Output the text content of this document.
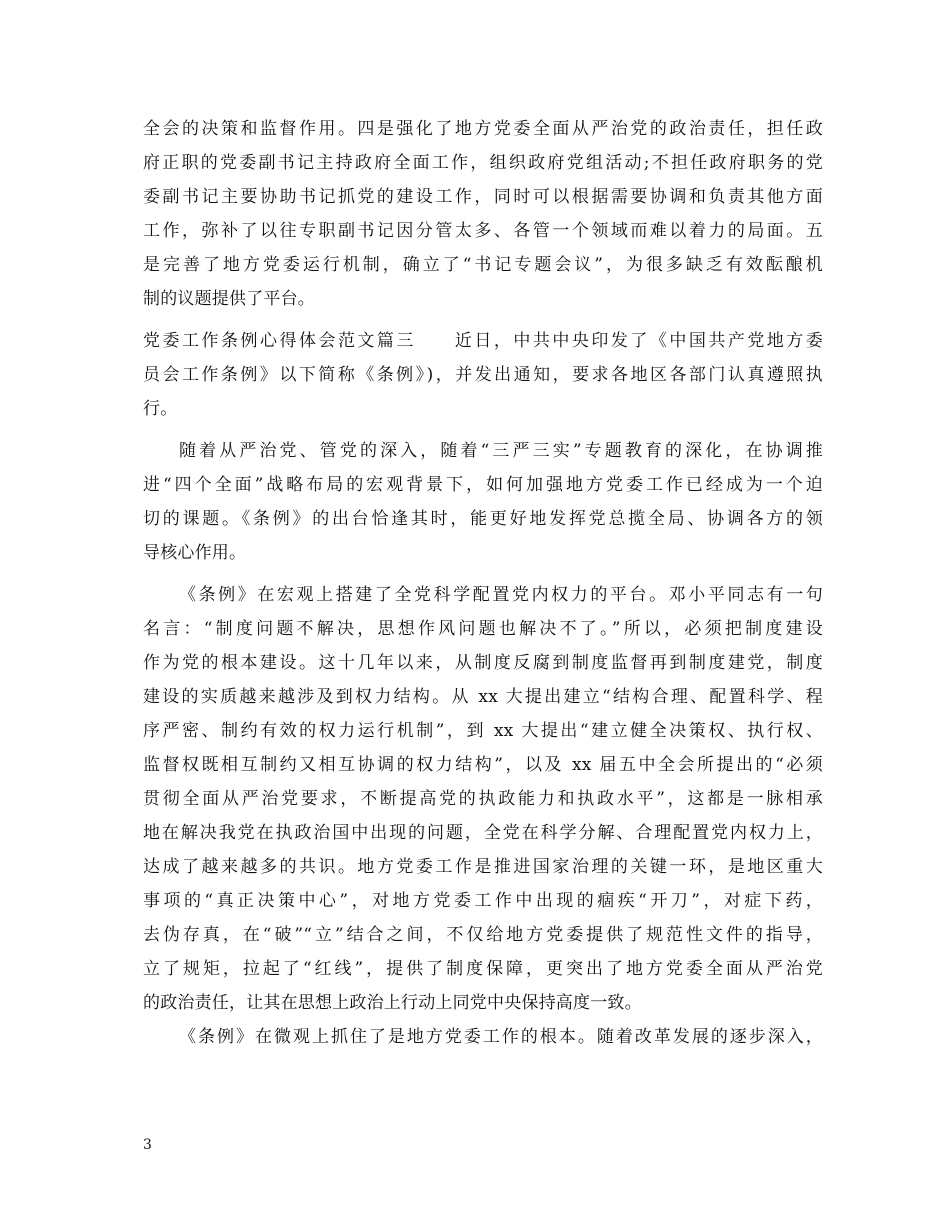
全会的决策和监督作用。四是强化了地方党委全面从严治党的政治责任，担任政
府正职的党委副书记主持政府全面工作，组织政府党组活动;不担任政府职务的党
委副书记主要协助书记抓党的建设工作，同时可以根据需要协调和负责其他方面
工作，弥补了以往专职副书记因分管太多、各管一个领域而难以着力的局面。五
是完善了地方党委运行机制，确立了“书记专题会议”，为很多缺乏有效酝酿机
制的议题提供了平台。
党委工作条例心得体会范文篇三　　近日，中共中央印发了《中国共产党地方委
员会工作条例》以下简称《条例》)，并发出通知，要求各地区各部门认真遵照执
行。
随着从严治党、管党的深入，随着“三严三实”专题教育的深化，在协调推
进“四个全面”战略布局的宏观背景下，如何加强地方党委工作已经成为一个迫
切的课题。《条例》的出台恰逢其时，能更好地发挥党总揽全局、协调各方的领
导核心作用。
《条例》在宏观上搭建了全党科学配置党内权力的平台。邓小平同志有一句
名言：“制度问题不解决，思想作风问题也解决不了。”所以，必须把制度建设
作为党的根本建设。这十几年以来，从制度反腐到制度监督再到制度建党，制度
建设的实质越来越涉及到权力结构。从 xx 大提出建立“结构合理、配置科学、程
序严密、制约有效的权力运行机制”，到 xx 大提出“建立健全决策权、执行权、
监督权既相互制约又相互协调的权力结构”，以及 xx 届五中全会所提出的“必须
贯彻全面从严治党要求，不断提高党的执政能力和执政水平”，这都是一脉相承
地在解决我党在执政治国中出现的问题，全党在科学分解、合理配置党内权力上，
达成了越来越多的共识。地方党委工作是推进国家治理的关键一环，是地区重大
事项的“真正决策中心”，对地方党委工作中出现的痼疾“开刀”，对症下药，
去伪存真，在“破”“立”结合之间，不仅给地方党委提供了规范性文件的指导，
立了规矩，拉起了“红线”，提供了制度保障，更突出了地方党委全面从严治党
的政治责任，让其在思想上政治上行动上同党中央保持高度一致。
《条例》在微观上抓住了是地方党委工作的根本。随着改革发展的逐步深入，
3
